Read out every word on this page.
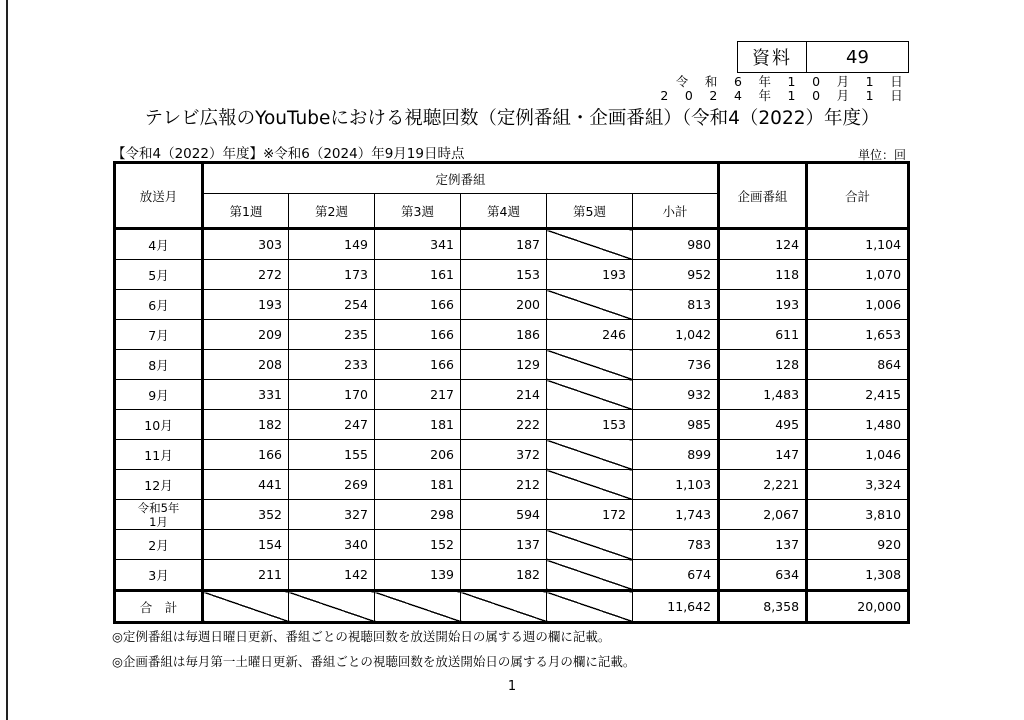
資料	49
令 和 6 年 1 0 月 1 日
2 0 2 4 年 1 0 月 1 日
テレビ広報のYouTubeにおける視聴回数（定例番組・企画番組）（令和4（2022）年度）
【令和4（2022）年度】※令和6（2024）年9月19日時点	単位：回
放送月	定例番組						企画番組	合計
	第1週	第2週	第3週	第4週	第5週	小計		
4月	303	149	341	187		980	124	1,104
5月	272	173	161	153	193	952	118	1,070
6月	193	254	166	200		813	193	1,006
7月	209	235	166	186	246	1,042	611	1,653
8月	208	233	166	129		736	128	864
9月	331	170	217	214		932	1,483	2,415
10月	182	247	181	222	153	985	495	1,480
11月	166	155	206	372		899	147	1,046
12月	441	269	181	212		1,103	2,221	3,324

令和5年
1月	352	327	298	594	172	1,743	2,067	3,810
2月	154	340	152	137		783	137	920
3月	211	142	139	182		674	634	1,308
合　計						11,642	8,358	20,000
◎定例番組は毎週日曜日更新、番組ごとの視聴回数を放送開始日の属する週の欄に記載。
◎企画番組は毎月第一土曜日更新、番組ごとの視聴回数を放送開始日の属する月の欄に記載。
1
